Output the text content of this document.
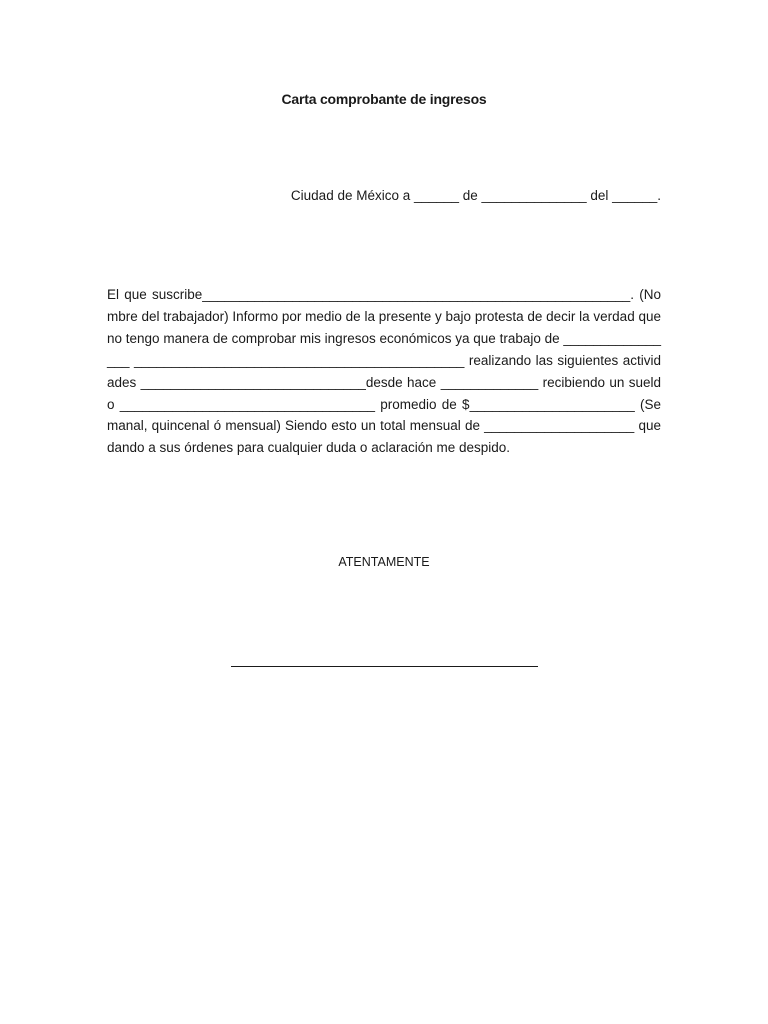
Carta comprobante de ingresos
Ciudad de México a ______ de ______________ del ______.
El que suscribe_________________________________________________________. (Nombre del trabajador) Informo por medio de la presente y bajo protesta de decir la verdad que no tengo manera de comprobar mis ingresos económicos ya que trabajo de ________________ ____________________________________________ realizando las siguientes actividades ______________________________desde hace _____________ recibiendo un sueldo __________________________________ promedio de $______________________ (Semanal, quincenal ó mensual) Siendo esto un total mensual de ____________________ quedando a sus órdenes para cualquier duda o aclaración me despido.
ATENTAMENTE
